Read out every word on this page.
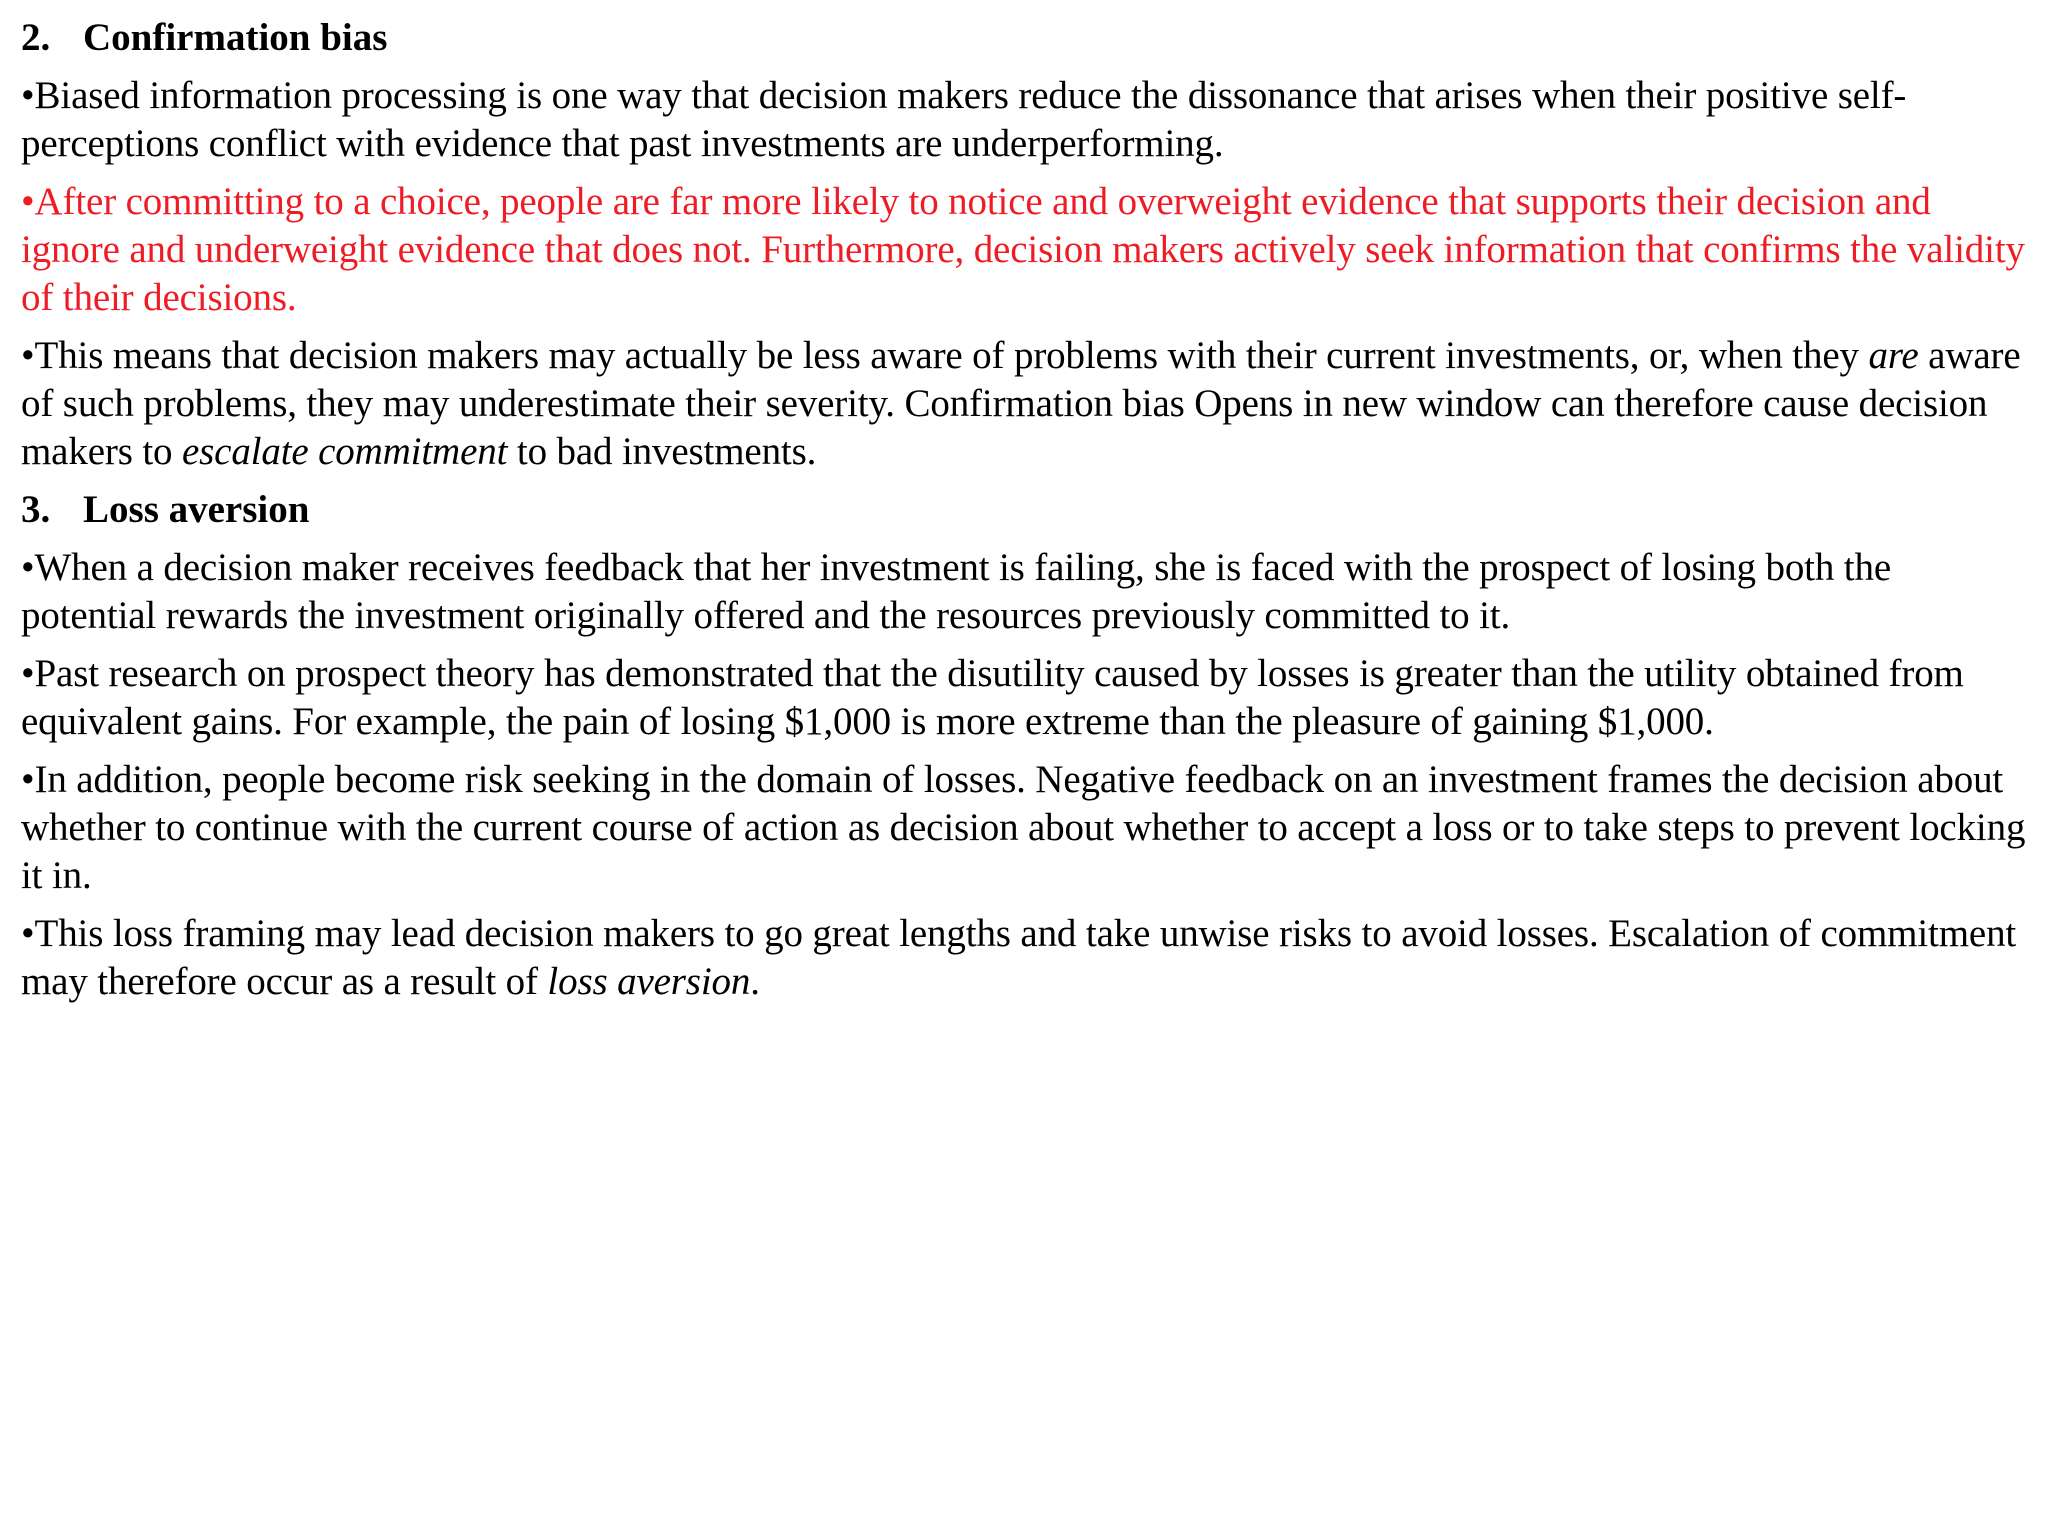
2. Confirmation bias
•Biased information processing is one way that decision makers reduce the dissonance that arises when their positive self-perceptions conflict with evidence that past investments are underperforming.
•After committing to a choice, people are far more likely to notice and overweight evidence that supports their decision and ignore and underweight evidence that does not. Furthermore, decision makers actively seek information that confirms the validity of their decisions.
•This means that decision makers may actually be less aware of problems with their current investments, or, when they are aware of such problems, they may underestimate their severity. Confirmation bias Opens in new window can therefore cause decision makers to escalate commitment to bad investments.
3. Loss aversion
•When a decision maker receives feedback that her investment is failing, she is faced with the prospect of losing both the potential rewards the investment originally offered and the resources previously committed to it.
•Past research on prospect theory has demonstrated that the disutility caused by losses is greater than the utility obtained from equivalent gains. For example, the pain of losing $1,000 is more extreme than the pleasure of gaining $1,000.
•In addition, people become risk seeking in the domain of losses. Negative feedback on an investment frames the decision about whether to continue with the current course of action as decision about whether to accept a loss or to take steps to prevent locking it in.
•This loss framing may lead decision makers to go great lengths and take unwise risks to avoid losses. Escalation of commitment may therefore occur as a result of loss aversion.
